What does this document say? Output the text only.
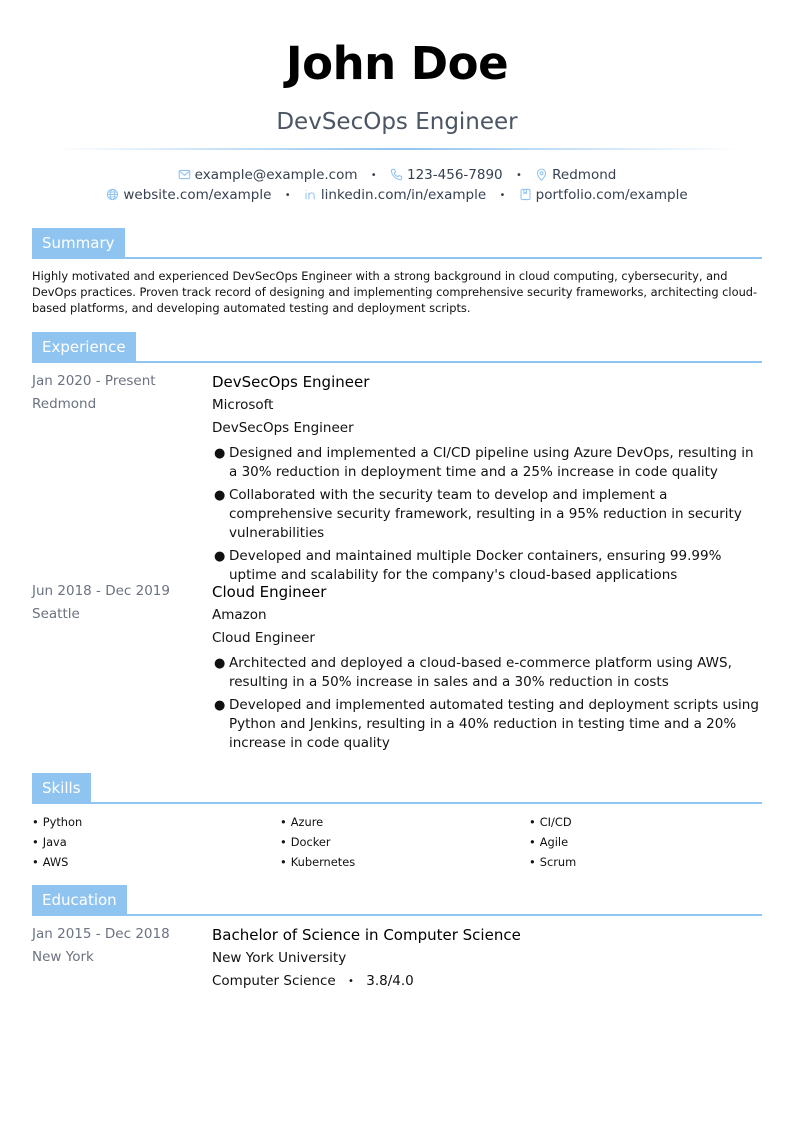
John Doe
DevSecOps Engineer
example@example.com • 123-456-7890 • Redmond
website.com/example • linkedin.com/in/example • portfolio.com/example
Summary
Highly motivated and experienced DevSecOps Engineer with a strong background in cloud computing, cybersecurity, and DevOps practices. Proven track record of designing and implementing comprehensive security frameworks, architecting cloud-based platforms, and developing automated testing and deployment scripts.
Experience
Jan 2020 - Present
Redmond
DevSecOps Engineer
Microsoft
DevSecOps Engineer
● Designed and implemented a CI/CD pipeline using Azure DevOps, resulting in a 30% reduction in deployment time and a 25% increase in code quality
● Collaborated with the security team to develop and implement a comprehensive security framework, resulting in a 95% reduction in security vulnerabilities
● Developed and maintained multiple Docker containers, ensuring 99.99% uptime and scalability for the company's cloud-based applications
Jun 2018 - Dec 2019
Seattle
Cloud Engineer
Amazon
Cloud Engineer
● Architected and deployed a cloud-based e-commerce platform using AWS, resulting in a 50% increase in sales and a 30% reduction in costs
● Developed and implemented automated testing and deployment scripts using Python and Jenkins, resulting in a 40% reduction in testing time and a 20% increase in code quality
Skills
• Python
• Java
• AWS
• Azure
• Docker
• Kubernetes
• CI/CD
• Agile
• Scrum
Education
Jan 2015 - Dec 2018
New York
Bachelor of Science in Computer Science
New York University
Computer Science • 3.8/4.0
